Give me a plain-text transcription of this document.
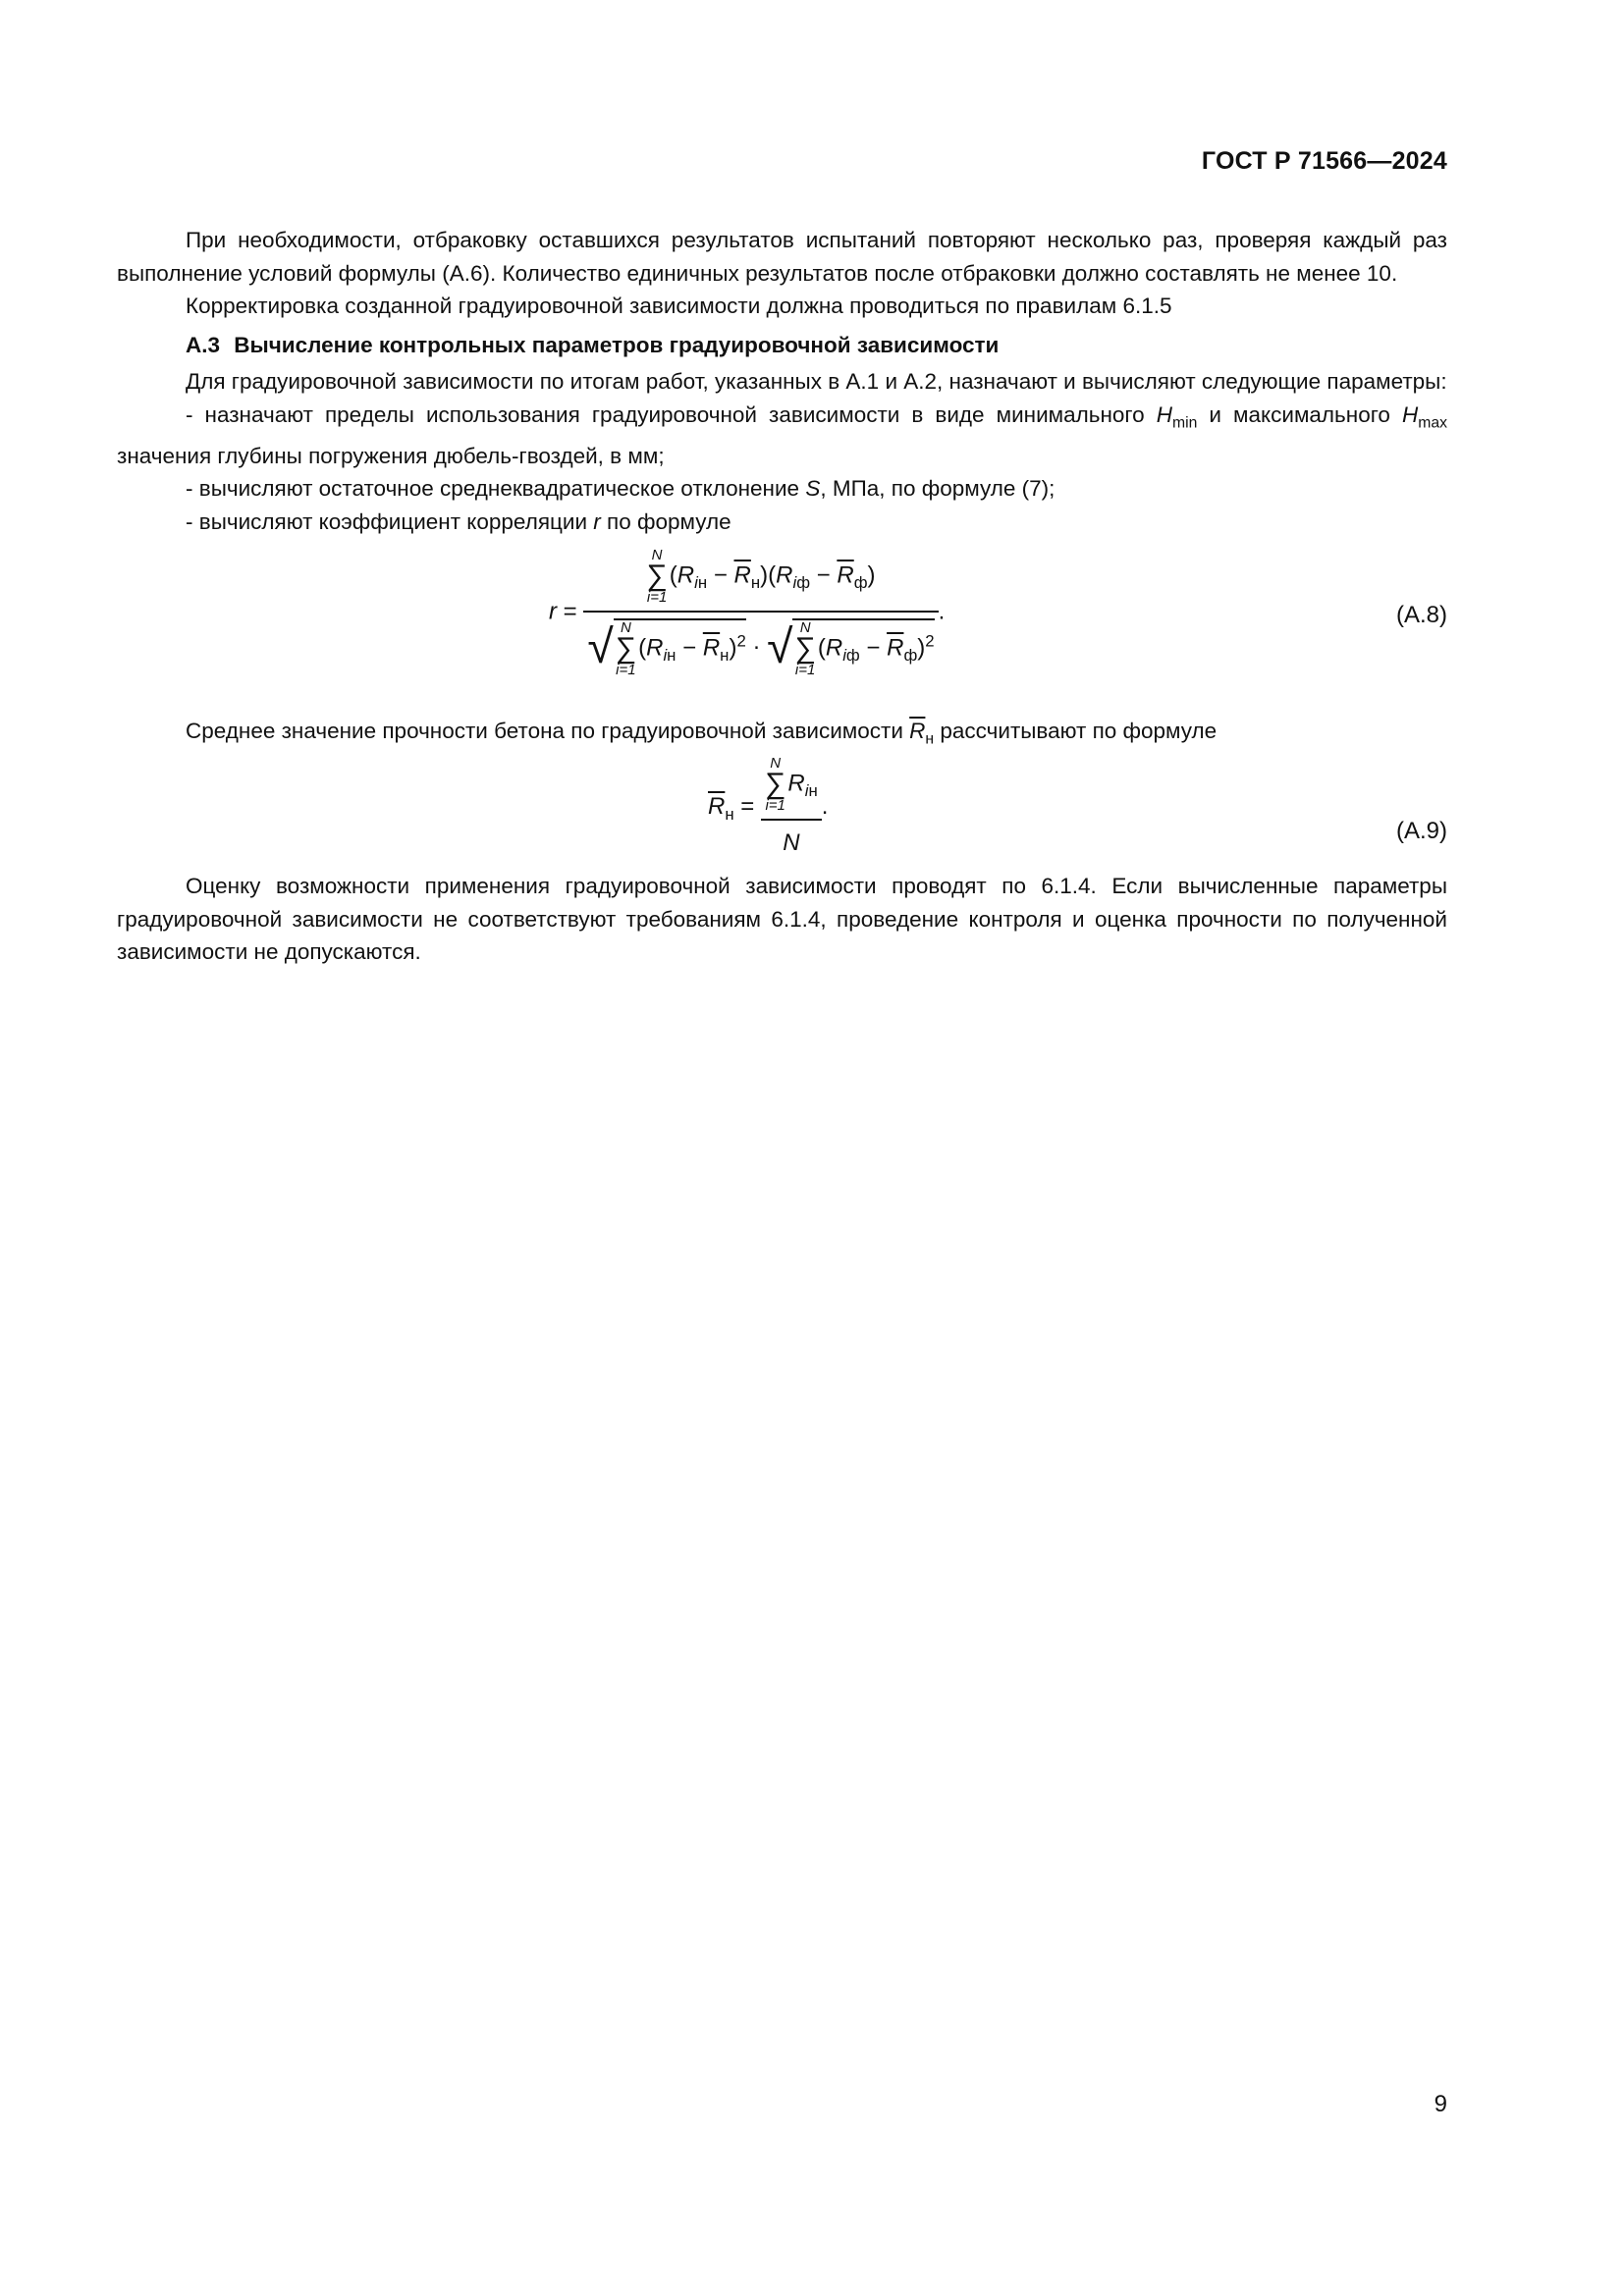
ГОСТ Р 71566—2024

При необходимости, отбраковку оставшихся результатов испытаний повторяют несколько раз, проверяя каждый раз выполнение условий формулы (А.6). Количество единичных результатов после отбраковки должно составлять не менее 10.

Корректировка созданной градуировочной зависимости должна проводиться по правилам 6.1.5

А.3 Вычисление контрольных параметров градуировочной зависимости

Для градуировочной зависимости по итогам работ, указанных в А.1 и А.2, назначают и вычисляют следующие параметры:

- назначают пределы использования градуировочной зависимости в виде минимального $H_{min}$ и максимального $H_{max}$ значения глубины погружения дюбель-гвоздей, в мм;

- вычисляют остаточное среднеквадратическое отклонение S, МПа, по формуле (7);

- вычисляют коэффициент корреляции r по формуле

r =
N
∑
i=1
$(R_{iн} - \overline{R}_н)(R_{iф} - \overline{R}_ф)$
√ N
∑
i=1
$(R_{iн} - \overline{R}_н)^2$ · √ N
∑
i=1
$(R_{iф} - \overline{R}_ф)^2$
.	(А.8)

Среднее значение прочности бетона по градуировочной зависимости $\overline{R}_н$ рассчитывают по формуле

$\overline{R}_н = N$
∑
i=1
$R_{iн}$
N .
(А.9)

Оценку возможности применения градуировочной зависимости проводят по 6.1.4. Если вычисленные параметры градуировочной зависимости не соответствуют требованиям 6.1.4, проведение контроля и оценка прочности по полученной зависимости не допускаются.

9
